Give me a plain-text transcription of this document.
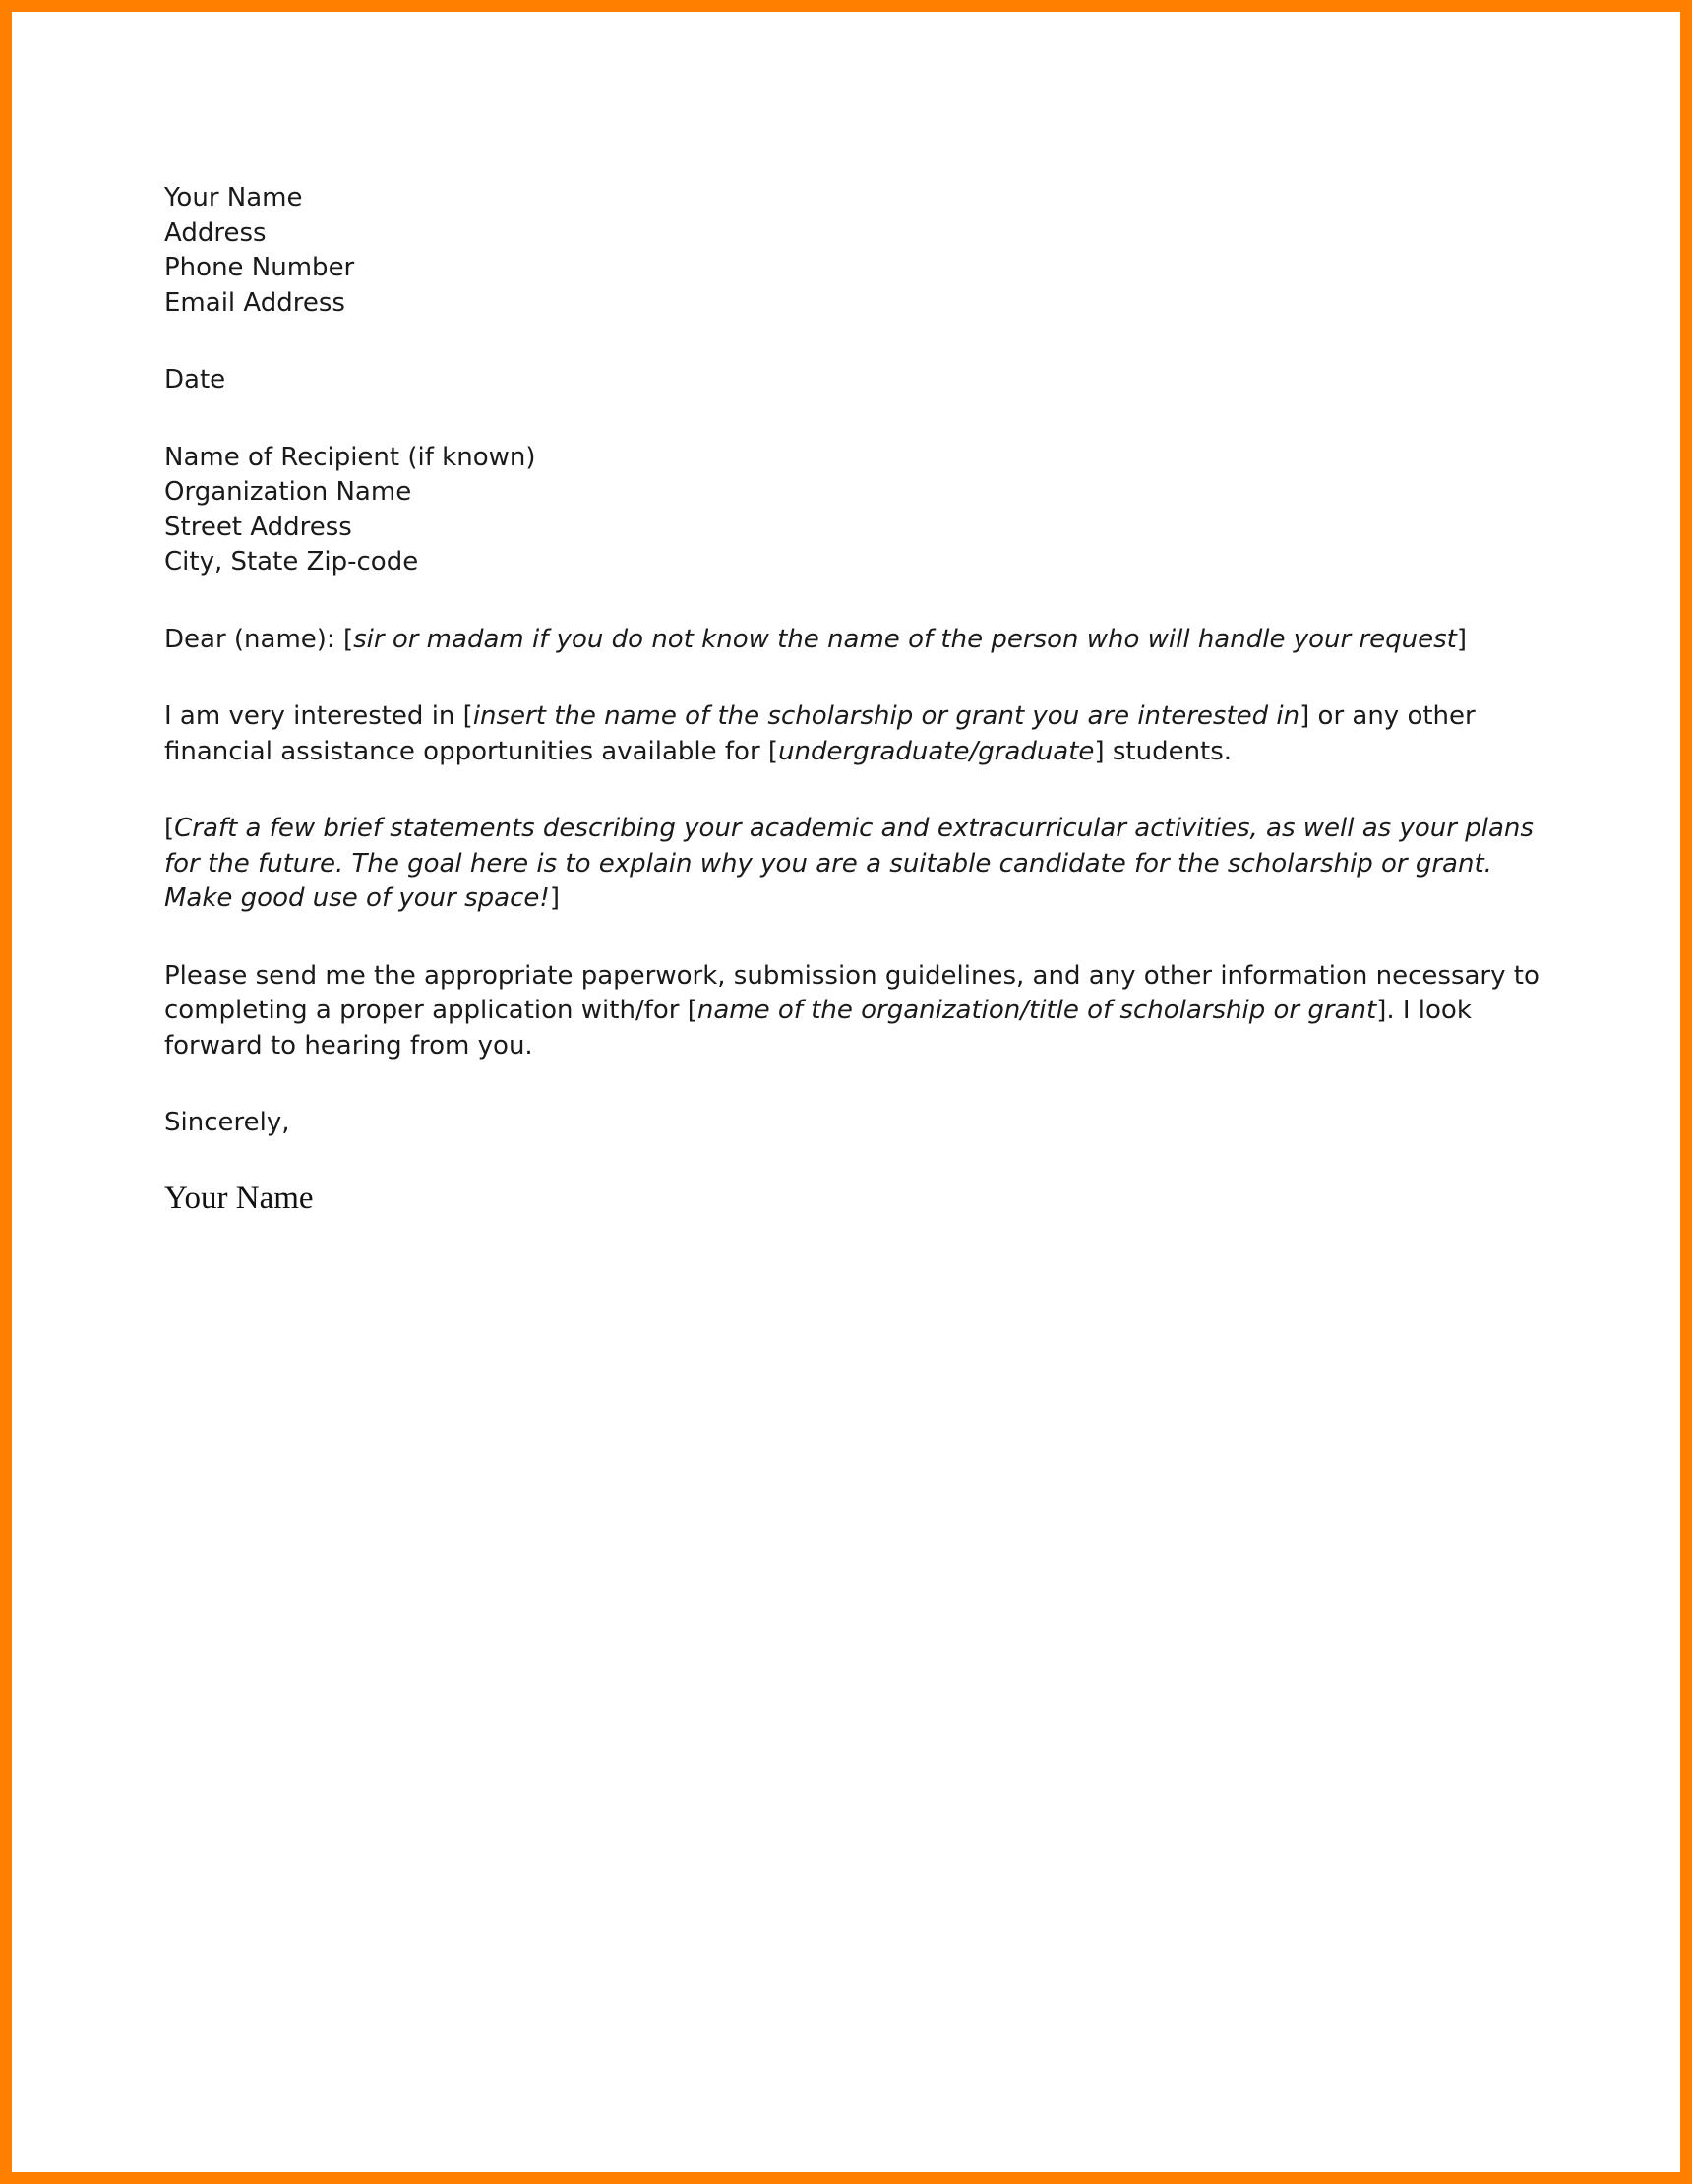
Your Name
Address
Phone Number
Email Address
Date
Name of Recipient (if known)
Organization Name
Street Address
City, State Zip-code

Dear (name): [sir or madam if you do not know the name of the person who will handle your request]

I am very interested in [insert the name of the scholarship or grant you are interested in] or any other financial assistance opportunities available for [undergraduate/graduate] students.

[Craft a few brief statements describing your academic and extracurricular activities, as well as your plans for the future. The goal here is to explain why you are a suitable candidate for the scholarship or grant. Make good use of your space!]

Please send me the appropriate paperwork, submission guidelines, and any other information necessary to completing a proper application with/for [name of the organization/title of scholarship or grant]. I look forward to hearing from you.

Sincerely,

Your Name
